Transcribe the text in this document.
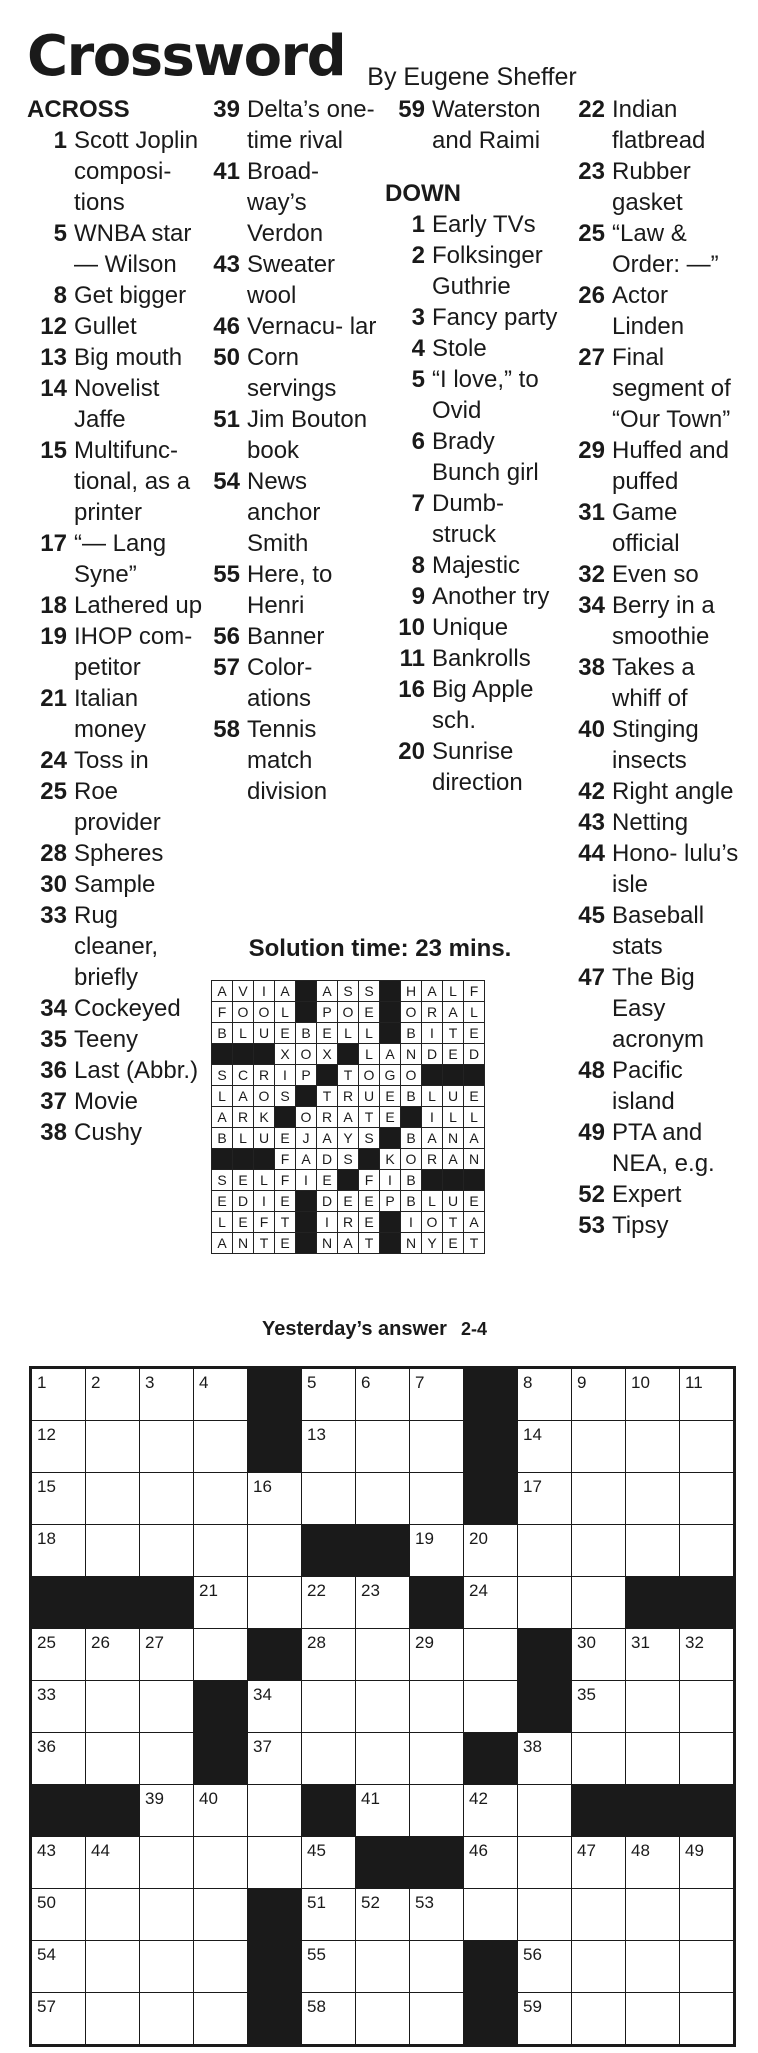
Crossword By Eugene Sheffer
ACROSS
1 Scott Joplin composi- tions
5 WNBA star — Wilson
8 Get bigger
12 Gullet
13 Big mouth
14 Novelist Jaffe
15 Multifunc- tional, as a printer
17 “— Lang Syne”
18 Lathered up
19 IHOP com- petitor
21 Italian money
24 Toss in
25 Roe provider
28 Spheres
30 Sample
33 Rug cleaner, briefly
34 Cockeyed
35 Teeny
36 Last (Abbr.)
37 Movie
38 Cushy
39 Delta’s one-time rival
41 Broad- way’s Verdon
43 Sweater wool
46 Vernacu- lar
50 Corn servings
51 Jim Bouton book
54 News anchor Smith
55 Here, to Henri
56 Banner
57 Color- ations
58 Tennis match division
59 Waterston and Raimi
DOWN
1 Early TVs
2 Folksinger Guthrie
3 Fancy party
4 Stole
5 “I love,” to Ovid
6 Brady Bunch girl
7 Dumb- struck
8 Majestic
9 Another try
10 Unique
11 Bankrolls
16 Big Apple sch.
20 Sunrise direction
22 Indian flatbread
23 Rubber gasket
25 “Law & Order: —”
26 Actor Linden
27 Final segment of “Our Town”
29 Huffed and puffed
31 Game official
32 Even so
34 Berry in a smoothie
38 Takes a whiff of
40 Stinging insects
42 Right angle
43 Netting
44 Hono- lulu’s isle
45 Baseball stats
47 The Big Easy acronym
48 Pacific island
49 PTA and NEA, e.g.
52 Expert
53 Tipsy
Solution time: 23 mins.
A	V	I	A		A	S	S		H	A	L	F
F	O	O	L		P	O	E		O	R	A	L
B	L	U	E	B	E	L	L		B	I	T	E
			X	O	X		L	A	N	D	E	D
S	C	R	I	P		T	O	G	O			
L	A	O	S		T	R	U	E	B	L	U	E
A	R	K		O	R	A	T	E		I	L	L
B	L	U	E	J	A	Y	S		B	A	N	A
			F	A	D	S		K	O	R	A	N
S	E	L	F	I	E		F	I	B			
E	D	I	E		D	E	E	P	B	L	U	E
L	E	F	T		I	R	E		I	O	T	A
A	N	T	E		N	A	T		N	Y	E	T
Yesterday’s answer 2-4
1	2	3	4		5	6	7		8	9	10	11

12					13				14			

15				16					17			

18							19	20				

			21		22	23		24				

25	26	27			28		29			30	31	32

33				34						35		

36				37					38			

		39	40			41		42				

43	44				45			46		47	48	49

50					51	52	53					

54					55				56			

57					58				59			
